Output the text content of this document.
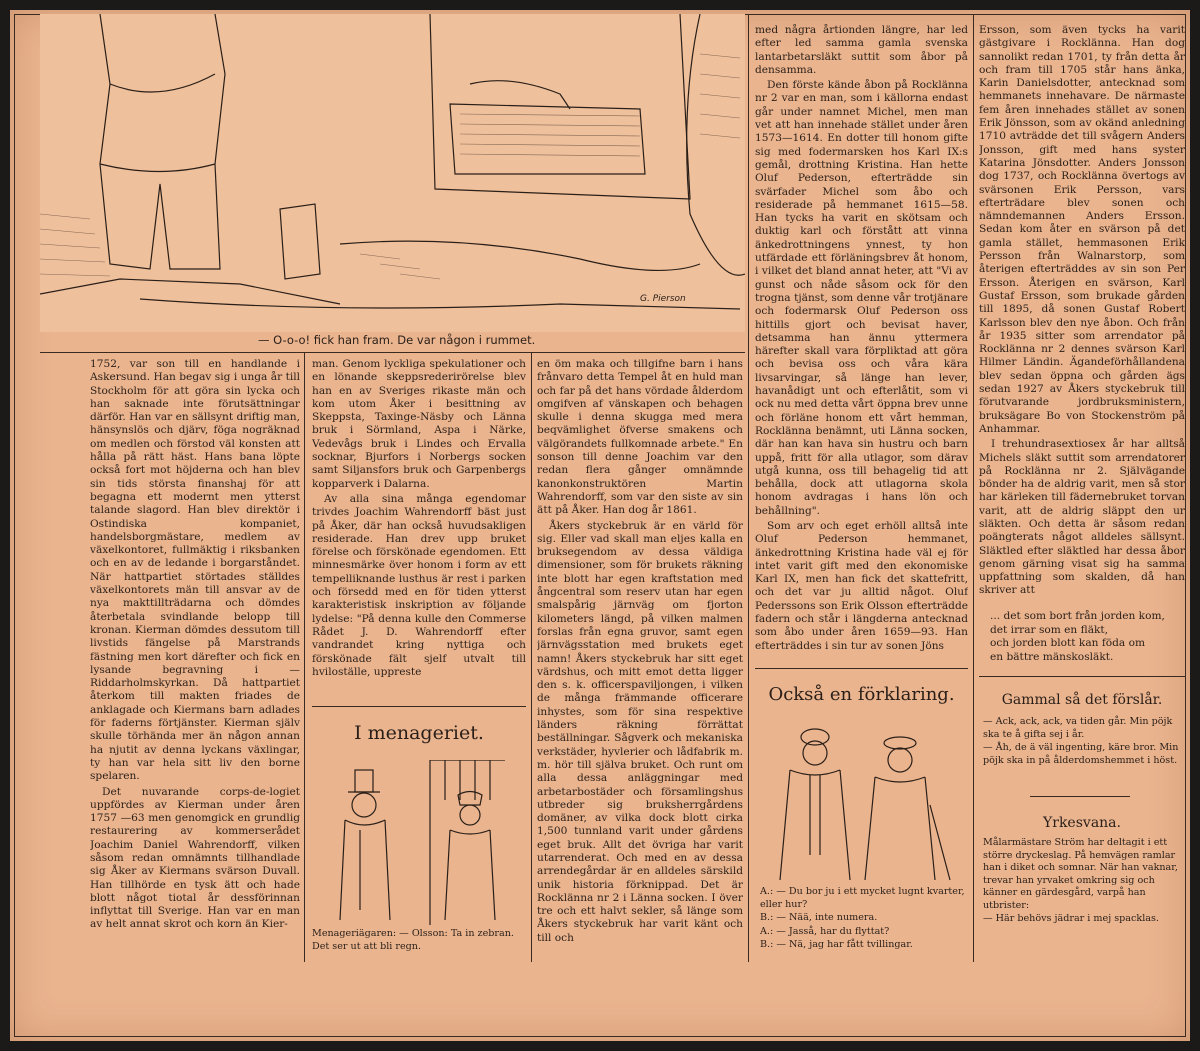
G. Pierson
— O-o-o! fick han fram. De var någon i rummet.

1752, var son till en handlande i Askersund. Han begav sig i unga år till Stockholm för att göra sin lycka och han saknade inte förutsättningar därför. Han var en sällsynt driftig man, hänsynslös och djärv, föga nogräknad om medlen och förstod väl konsten att hålla på rätt häst. Hans bana löpte också fort mot höjderna och han blev sin tids största finanshaj för att begagna ett modernt men ytterst talande slagord. Han blev direktör i Ostindiska kompaniet, handelsborgmästare, medlem av växelkontoret, fullmäktig i riksbanken och en av de ledande i borgarståndet. När hattpartiet störtades ställdes växelkontorets män till ansvar av de nya makttillträdarna och dömdes återbetala svindlande belopp till kronan. Kierman dömdes dessutom till livstids fängelse på Marstrands fästning men kort därefter och fick en lysande begravning i — Riddarholmskyrkan. Då hattpartiet återkom till makten friades de anklagade och Kiermans barn adlades för faderns förtjänster. Kierman själv skulle törhända mer än någon annan ha njutit av denna lyckans växlingar, ty han var hela sitt liv den borne spelaren.

Det nuvarande corps-de-logiet uppfördes av Kierman under åren 1757 —63 men genomgick en grundlig restaurering av kommerserådet Joachim Daniel Wahrendorff, vilken såsom redan omnämnts tillhandlade sig Åker av Kiermans svärson Duvall. Han tillhörde en tysk ätt och hade blott något tiotal år dessförinnan inflyttat till Sverige. Han var en man av helt annat skrot och korn än Kier-

man. Genom lyckliga spekulationer och en lönande skeppsrederirörelse blev han en av Sveriges rikaste män och kom utom Åker i besittning av Skeppsta, Taxinge-Näsby och Länna bruk i Sörmland, Aspa i Närke, Vedevågs bruk i Lindes och Ervalla socknar, Bjurfors i Norbergs socken samt Siljansfors bruk och Garpenbergs kopparverk i Dalarna.

Av alla sina många egendomar trivdes Joachim Wahrendorff bäst just på Åker, där han också huvudsakligen residerade. Han drev upp bruket förelse och förskönade egendomen. Ett minnesmärke över honom i form av ett tempelliknande lusthus är rest i parken och försedd med en för tiden ytterst karakteristisk inskription av följande lydelse: "På denna kulle den Commerse Rådet J. D. Wahrendorff efter vandrandet kring nyttiga och förskönade fält sjelf utvalt till hviloställe, uppreste

I menageriet.
Menageriägaren: — Olsson: Ta in zebran. Det ser ut att bli regn.

en öm maka och tillgifne barn i hans frånvaro detta Tempel åt en huld man och far på det hans vördade ålderdom omgifven af vänskapen och behagen skulle i denna skugga med mera beqvämlighet öfverse smakens och välgörandets fullkomnade arbete." En sonson till denne Joachim var den redan flera gånger omnämnde kanonkonstruktören Martin Wahrendorff, som var den siste av sin ätt på Åker. Han dog år 1861.

Åkers styckebruk är en värld för sig. Eller vad skall man eljes kalla en bruksegendom av dessa väldiga dimensioner, som för brukets räkning inte blott har egen kraftstation med ångcentral som reserv utan har egen smalspårig järnväg om fjorton kilometers längd, på vilken malmen forslas från egna gruvor, samt egen järnvägsstation med brukets eget namn! Åkers styckebruk har sitt eget värdshus, och mitt emot detta ligger den s. k. officerspaviljongen, i vilken de många främmande officerare inhystes, som för sina respektive länders räkning förrättat beställningar. Sågverk och mekaniska verkstäder, hyvlerier och lådfabrik m. m. hör till själva bruket. Och runt om alla dessa anläggningar med arbetarbostäder och församlingshus utbreder sig bruksherrgårdens domäner, av vilka dock blott cirka 1,500 tunnland varit under gårdens eget bruk. Allt det övriga har varit utarrenderat. Och med en av dessa arrendegårdar är en alldeles särskild unik historia förknippad. Det är Rocklänna nr 2 i Länna socken. I över tre och ett halvt sekler, så länge som Åkers styckebruk har varit känt och till och

med några årtionden längre, har led efter led samma gamla svenska lantarbetarsläkt suttit som åbor på densamma.

Den förste kände åbon på Rocklänna nr 2 var en man, som i källorna endast går under namnet Michel, men man vet att han innehade stället under åren 1573—1614. En dotter till honom gifte sig med fodermarsken hos Karl IX:s gemål, drottning Kristina. Han hette Oluf Pederson, efterträdde sin svärfader Michel som åbo och residerade på hemmanet 1615—58. Han tycks ha varit en skötsam och duktig karl och förstått att vinna änkedrottningens ynnest, ty hon utfärdade ett förläningsbrev åt honom, i vilket det bland annat heter, att "Vi av gunst och nåde såsom ock för den trogna tjänst, som denne vår trotjänare och fodermarsk Oluf Pederson oss hittills gjort och bevisat haver, detsamma han ännu yttermera härefter skall vara förpliktad att göra och bevisa oss och våra kära livsarvingar, så länge han lever, havanådigt unt och efterlåtit, som vi ock nu med detta vårt öppna brev unne och förläne honom ett vårt hemman, Rocklänna benämnt, uti Länna socken, där han kan hava sin hustru och barn uppå, fritt för alla utlagor, som därav utgå kunna, oss till behagelig tid att behålla, dock att utlagorna skola honom avdragas i hans lön och behållning".

Som arv och eget erhöll alltså inte Oluf Pederson hemmanet, änkedrottning Kristina hade väl ej för intet varit gift med den ekonomiske Karl IX, men han fick det skattefritt, och det var ju alltid något. Oluf Pederssons son Erik Olsson efterträdde fadern och står i längderna antecknad som åbo under åren 1659—93. Han efterträddes i sin tur av sonen Jöns

Också en förklaring.

A.: — Du bor ju i ett mycket lugnt kvarter, eller hur?

B.: — Nää, inte numera.

A.: — Jasså, har du flyttat?

B.: — Nä, jag har fått tvillingar.

Ersson, som även tycks ha varit gästgivare i Rocklänna. Han dog sannolikt redan 1701, ty från detta år och fram till 1705 står hans änka, Karin Danielsdotter, antecknad som hemmanets innehavare. De närmaste fem åren innehades stället av sonen Erik Jönsson, som av okänd anledning 1710 avträdde det till svågern Anders Jonsson, gift med hans syster Katarina Jönsdotter. Anders Jonsson dog 1737, och Rocklänna övertogs av svärsonen Erik Persson, vars efterträdare blev sonen och nämndemannen Anders Ersson. Sedan kom åter en svärson på det gamla stället, hemmasonen Erik Persson från Walnarstorp, som återigen efterträddes av sin son Per Ersson. Återigen en svärson, Karl Gustaf Ersson, som brukade gården till 1895, då sonen Gustaf Robert Karlsson blev den nye åbon. Och från år 1935 sitter som arrendator på Rocklänna nr 2 dennes svärson Karl Hilmer Ländin. Ägandeförhållandena blev sedan öppna och gården ägs sedan 1927 av Åkers styckebruk till förutvarande jordbruksministern, bruksägare Bo von Stockenström på Anhammar.

I trehundrasextiosex år har alltså Michels släkt suttit som arrendatorer på Rocklänna nr 2. Självägande bönder ha de aldrig varit, men så stor har kärleken till fädernebruket torvan varit, att de aldrig släppt den ur släkten. Och detta är såsom redan poängterats något alldeles sällsynt. Släktled efter släktled har dessa åbor genom gärning visat sig ha samma uppfattning som skalden, då han skriver att

... det som bort från jorden kom,
det irrar som en fläkt,
och jorden blott kan föda om
en bättre mänskosläkt.
Gammal så det förslår.

— Ack, ack, ack, va tiden går. Min pöjk ska te å gifta sej i år.

— Åh, de ä väl ingenting, käre bror. Min pöjk ska in på ålderdomshemmet i höst.

Yrkesvana.

Målarmästare Ström har deltagit i ett större dryckeslag. På hemvägen ramlar han i diket och somnar. När han vaknar, trevar han yrvaket omkring sig och känner en gärdesgård, varpå han utbrister:

— Här behövs jädrar i mej spacklas.
